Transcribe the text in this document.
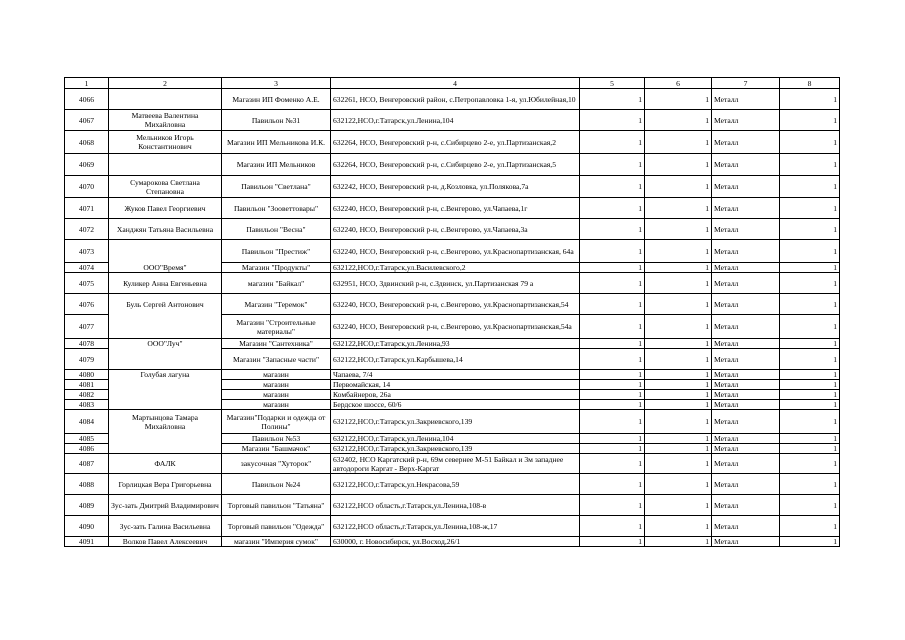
1	2	3	4	5	6	7	8
4066		Магазин ИП Фоменко А.Е.	632261, НСО, Венгеровский район, с.Петропавловка 1-я, ул.Юбилейная,10	1	1	Металл	1
4067	Матвеева Валентина Михайловна	Павильон №31	632122,НСО,г.Татарск,ул.Ленина,104	1	1	Металл	1
4068	Мельников Игорь Константинович	Магазин ИП Мельникова И.К.	632264, НСО, Венгеровский р-н, с.Сибирцево 2-е, ул.Партизанская,2	1	1	Металл	1
4069		Магазин ИП Мельников	632264, НСО, Венгеровский р-н, с.Сибирцево 2-е, ул.Партизанская,5	1	1	Металл	1
4070	Сумарокова Светлана Степановна	Павильон "Светлана"	632242, НСО, Венгеровский р-н, д.Козловка, ул.Полякова,7а	1	1	Металл	1
4071	Жуков Павел Георгиевич	Павильон "Зооветтовары"	632240, НСО, Венгеровский р-н, с.Венгерово, ул.Чапаева,1г	1	1	Металл	1
4072	Ханджян Татьяна Васильевна	Павильон "Весна"	632240, НСО, Венгеровский р-н, с.Венгерово, ул.Чапаева,3а	1	1	Металл	1
4073		Павильон "Престиж"	632240, НСО, Венгеровский р-н, с.Венгерово, ул.Краснопартизанская, 64а	1	1	Металл	1
4074	ООО"Время"	Магазин "Продукты"	632122,НСО,г.Татарск,ул.Василевского,2	1	1	Металл	1
4075	Куликер Анна Евгеньевна	магазин "Байкал"	632951, НСО, Здвинский р-н, с.Здвинск, ул.Партизанская 79 а	1	1	Металл	1
4076	Буль Сергей Антонович	Магазин "Теремок"	632240, НСО, Венгеровский р-н, с.Венгерово, ул.Краснопартизанская,54	1	1	Металл	1
4077		Магазин "Строительные материалы"	632240, НСО, Венгеровский р-н, с.Венгерово, ул.Краснопартизанская,54а	1	1	Металл	1
4078	ООО"Луч"	Магазин "Сантехника"	632122,НСО,г.Татарск,ул.Ленина,93	1	1	Металл	1
4079		Магазин "Запасные части"	632122,НСО,г.Татарск,ул.Карбышева,14	1	1	Металл	1
4080	Голубая лагуна	магазин	Чапаева, 7/4	1	1	Металл	1
4081		магазин	Первомайская, 14	1	1	Металл	1
4082		магазин	Комбайнеров, 26а	1	1	Металл	1
4083		магазин	Бердское шоссе, 60/6	1	1	Металл	1
4084	Мартынцова Тамара Михайловна	Магазин"Подарки и одежда от Полины"	632122,НСО,г.Татарск,ул.Закриевского,139	1	1	Металл	1
4085		Павильон №53	632122,НСО,г.Татарск,ул.Ленина,104	1	1	Металл	1
4086		Магазин "Башмачок"	632122,НСО,г.Татарск,ул.Закриевского,139	1	1	Металл	1
4087	ФАЛК	закусочная "Хуторок"	632402, НСО Каргатский р-н, 69м севернее М-51 Байкал и 3м западнее автодороги Каргат - Верх-Каргат	1	1	Металл	1
4088	Горлицкая Вера Григорьевна	Павильон №24	632122,НСО,г.Татарск,ул.Некрасова,59	1	1	Металл	1
4089	Зус-зать Дмитрий Владимирович	Торговый павильон "Татьяна"	632122,НСО область,г.Татарск,ул.Ленина,108-в	1	1	Металл	1
4090	Зус-зать Галина Васильевна	Торговый павильон "Одежда"	632122,НСО область,г.Татарск,ул.Ленина,108-ж,17	1	1	Металл	1
4091	Волков Павел Алексеевич	магазин "Империя сумок"	630000, г. Новосибирск, ул.Восход,26/1	1	1	Металл	1
